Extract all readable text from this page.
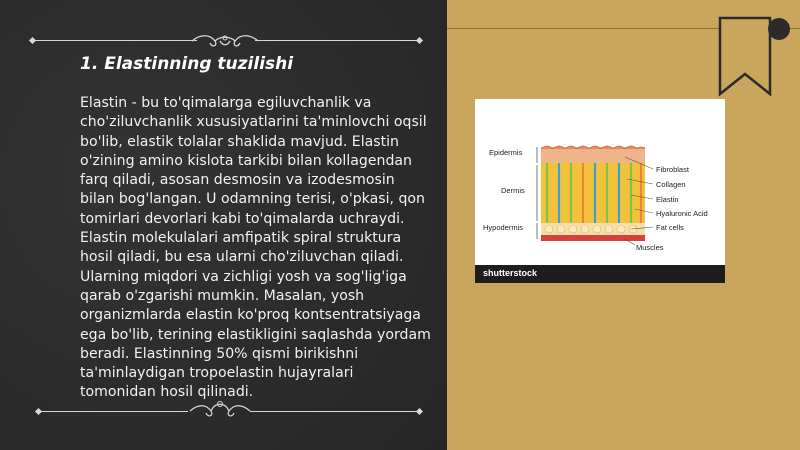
1. Elastinning tuzilishi
Elastin - bu to'qimalarga egiluvchanlik va cho'ziluvchanlik xususiyatlarini ta'minlovchi oqsil bo'lib, elastik tolalar shaklida mavjud. Elastin o'zining amino kislota tarkibi bilan kollagendan farq qiladi, asosan desmosin va izodesmosin bilan bog'langan. U odamning terisi, o'pkasi, qon tomirlari devorlari kabi to'qimalarda uchraydi. Elastin molekulalari amfipatik spiral struktura hosil qiladi, bu esa ularni cho'ziluvchan qiladi. Ularning miqdori va zichligi yosh va sog'lig'iga qarab o'zgarishi mumkin. Masalan, yosh organizmlarda elastin ko'proq kontsentratsiyaga ega bo'lib, terining elastikligini saqlashda yordam beradi. Elastinning 50% qismi birikishni ta'minlaydigan tropoelastin hujayralari tomonidan hosil qilinadi.
Epidermis
Dermis
Hypodermis
Fibroblast
Collagen
Elastin
Hyaluronic Acid
Fat cells
Muscles
shutterstock
